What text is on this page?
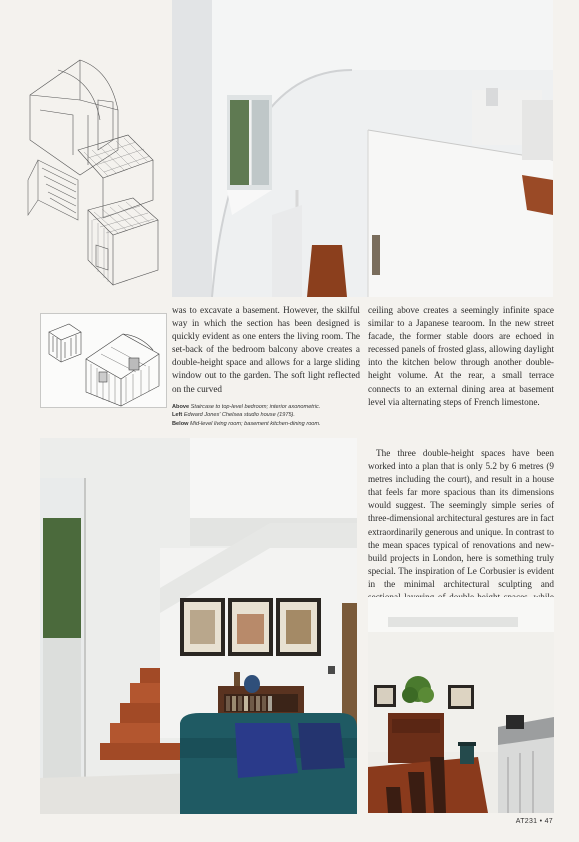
was to excavate a basement. However, the skilful way in which the section has been designed is quickly evident as one enters the living room. The set-back of the bedroom balcony above creates a double-height space and allows for a large sliding window out to the garden. The soft light reflected on the curved

Above Staircase to top-level bedroom; interior axonometric.
Left Edward Jones' Chelsea studio house (1975).
Below Mid-level living room; basement kitchen-dining room.

ceiling above creates a seemingly infinite space similar to a Japanese tearoom. In the new street facade, the former stable doors are echoed in recessed panels of frosted glass, allowing daylight into the kitchen below through another double-height volume. At the rear, a small terrace connects to an external dining area at basement level via alternating steps of French limestone.

The three double-height spaces have been worked into a plan that is only 5.2 by 6 metres (9 metres including the court), and result in a house that feels far more spacious than its dimensions would suggest. The seemingly simple series of three-dimensional architectural gestures are in fact extraordinarily generous and unique. In contrast to the mean spaces typical of renovations and new-build projects in London, here is something truly special. The inspiration of Le Corbusier is evident in the minimal architectural sculpting and

AT231 • 47
